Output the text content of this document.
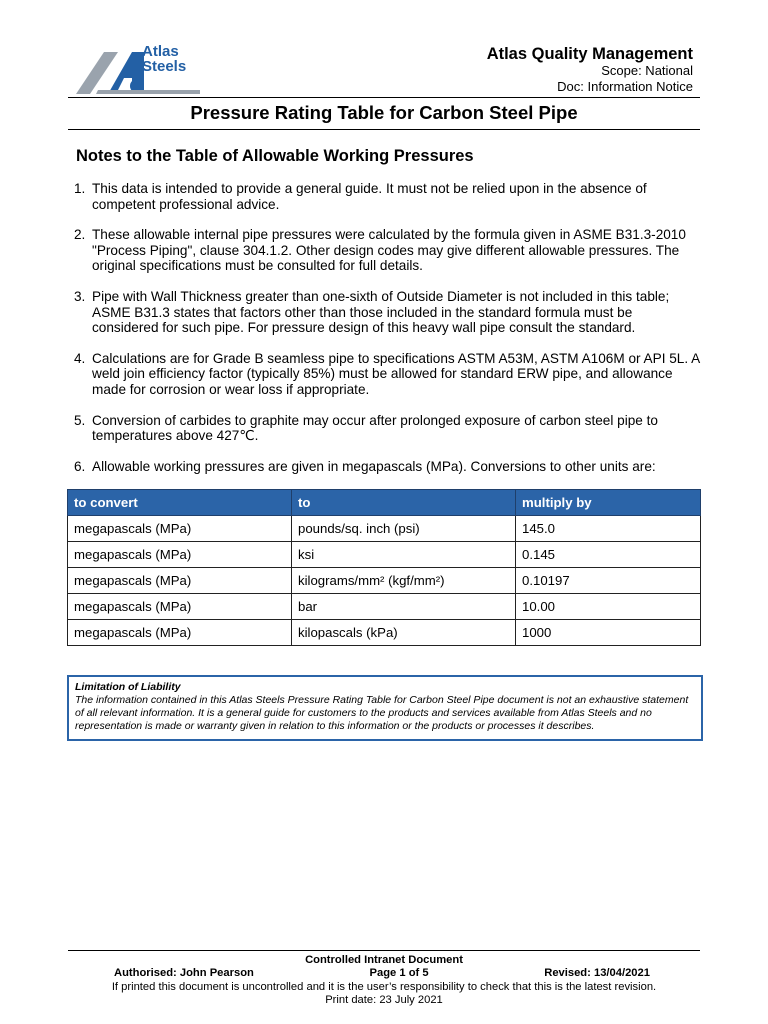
Atlas
Steels
Atlas Quality Management
Scope: National
Doc: Information Notice
Pressure Rating Table for Carbon Steel Pipe
Notes to the Table of Allowable Working Pressures
1. This data is intended to provide a general guide. It must not be relied upon in the absence of competent professional advice.
2. These allowable internal pipe pressures were calculated by the formula given in ASME B31.3-2010 "Process Piping", clause 304.1.2. Other design codes may give different allowable pressures. The original specifications must be consulted for full details.
3. Pipe with Wall Thickness greater than one-sixth of Outside Diameter is not included in this table; ASME B31.3 states that factors other than those included in the standard formula must be considered for such pipe. For pressure design of this heavy wall pipe consult the standard.
4. Calculations are for Grade B seamless pipe to specifications ASTM A53M, ASTM A106M or API 5L. A weld join efficiency factor (typically 85%) must be allowed for standard ERW pipe, and allowance made for corrosion or wear loss if appropriate.
5. Conversion of carbides to graphite may occur after prolonged exposure of carbon steel pipe to temperatures above 427℃.
6. Allowable working pressures are given in megapascals (MPa). Conversions to other units are:
to convert	to	multiply by
megapascals (MPa)	pounds/sq. inch (psi)	145.0
megapascals (MPa)	ksi	0.145
megapascals (MPa)	kilograms/mm² (kgf/mm²)	0.10197
megapascals (MPa)	bar	10.00
megapascals (MPa)	kilopascals (kPa)	1000
Limitation of Liability
The information contained in this Atlas Steels Pressure Rating Table for Carbon Steel Pipe document is not an exhaustive statement of all relevant information. It is a general guide for customers to the products and services available from Atlas Steels and no representation is made or warranty given in relation to this information or the products or processes it describes.
Controlled Intranet Document
Authorised: John Pearson	Page 1 of 5	Revised: 13/04/2021
If printed this document is uncontrolled and it is the user’s responsibility to check that this is the latest revision.
Print date: 23 July 2021
